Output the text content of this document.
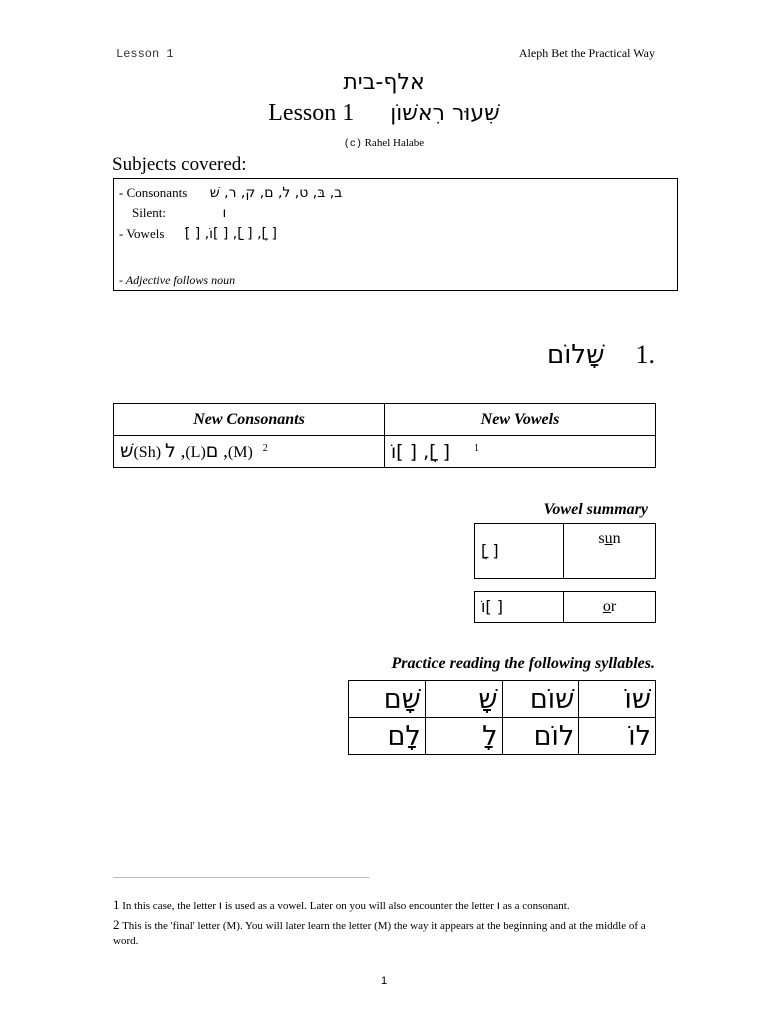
Lesson 1	Aleph Bet the Practical Way
אלף-בית
Lesson 1 שִׁעוּר רִאשׁוֹן
(c) Rahel Halabe
Subjects covered:
- Consonants ב, בּ, ט, ל, ם, ק, ר, שׁ
Silent:	ו
- Vowels [ ]ָ, [ ]ַ, [ ]וֹ, [ ]ֹ
- Adjective follows noun
שָׁלוֹם 1.
New Consonants	New Vowels
שׁ(Sh) ל ,(L)ם ,(M) $^2$	[ ]ָ, [ ]וֹ $^1$
Vowel summary
[ ]ָ	sun
[ ]וֹ	or
Practice reading the following syllables.
שָׁם	שָׁ	שׁוֹם	שׁוֹ

לָם	לָ	לוֹם	לוֹ
1 In this case, the letter ו is used as a vowel. Later on you will also encounter the letter ו as a consonant.
2 This is the 'final' letter (M). You will later learn the letter (M) the way it appears at the beginning and at the middle of a word.
1
